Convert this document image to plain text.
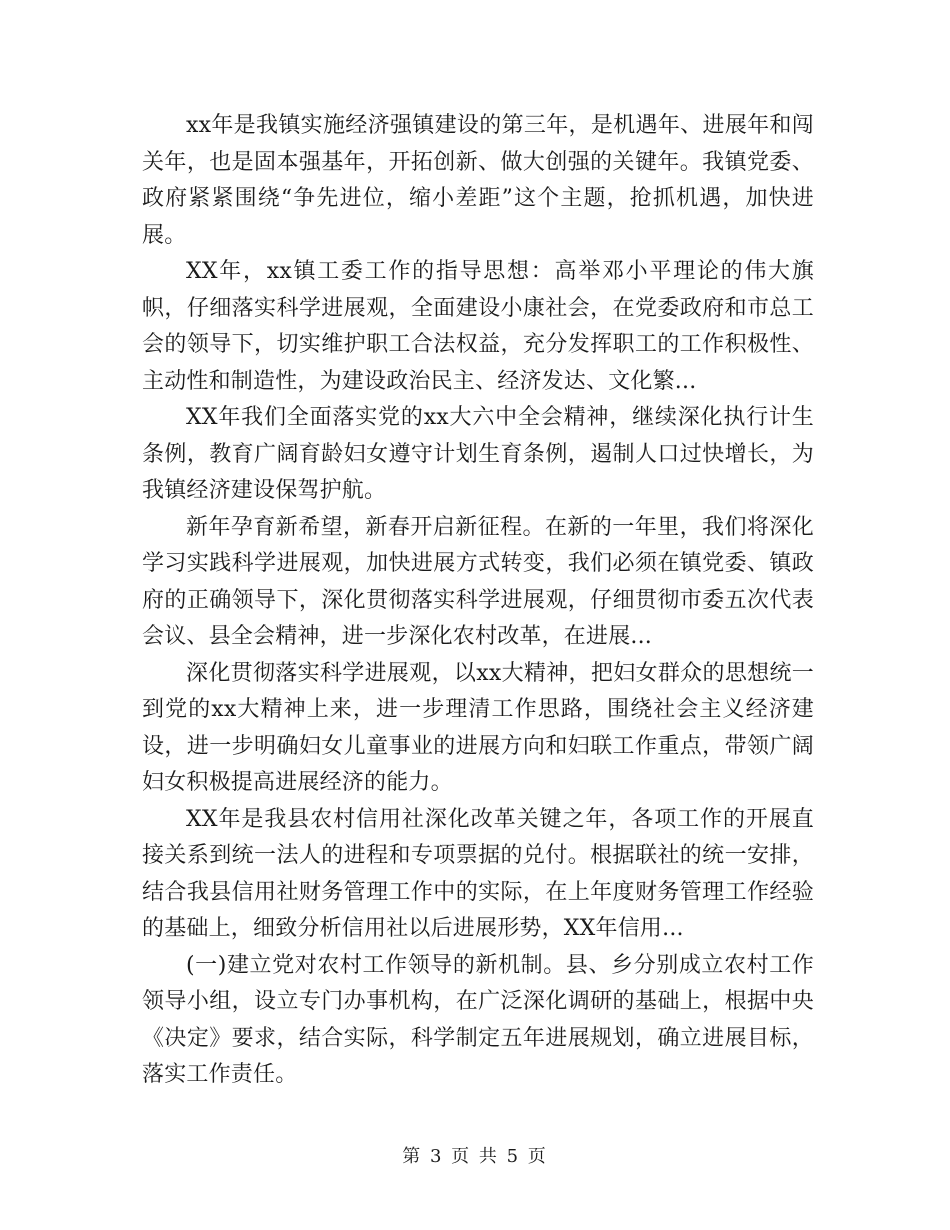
xx年是我镇实施经济强镇建设的第三年，是机遇年、进展年和闯关年，也是固本强基年，开拓创新、做大创强的关键年。我镇党委、政府紧紧围绕“争先进位，缩小差距”这个主题，抢抓机遇，加快进展。

XX年，xx镇工委工作的指导思想：高举邓小平理论的伟大旗帜，仔细落实科学进展观，全面建设小康社会，在党委政府和市总工会的领导下，切实维护职工合法权益，充分发挥职工的工作积极性、主动性和制造性，为建设政治民主、经济发达、文化繁...

XX年我们全面落实党的xx大六中全会精神，继续深化执行计生条例，教育广阔育龄妇女遵守计划生育条例，遏制人口过快增长，为我镇经济建设保驾护航。

新年孕育新希望，新春开启新征程。在新的一年里，我们将深化学习实践科学进展观，加快进展方式转变，我们必须在镇党委、镇政府的正确领导下，深化贯彻落实科学进展观，仔细贯彻市委五次代表会议、县全会精神，进一步深化农村改革，在进展...

深化贯彻落实科学进展观，以xx大精神，把妇女群众的思想统一到党的xx大精神上来，进一步理清工作思路，围绕社会主义经济建设，进一步明确妇女儿童事业的进展方向和妇联工作重点，带领广阔妇女积极提高进展经济的能力。

XX年是我县农村信用社深化改革关键之年，各项工作的开展直接关系到统一法人的进程和专项票据的兑付。根据联社的统一安排，结合我县信用社财务管理工作中的实际，在上年度财务管理工作经验的基础上，细致分析信用社以后进展形势，XX年信用...

(一)建立党对农村工作领导的新机制。县、乡分别成立农村工作领导小组，设立专门办事机构，在广泛深化调研的基础上，根据中央《决定》要求，结合实际，科学制定五年进展规划，确立进展目标，落实工作责任。

第 3 页 共 5 页
